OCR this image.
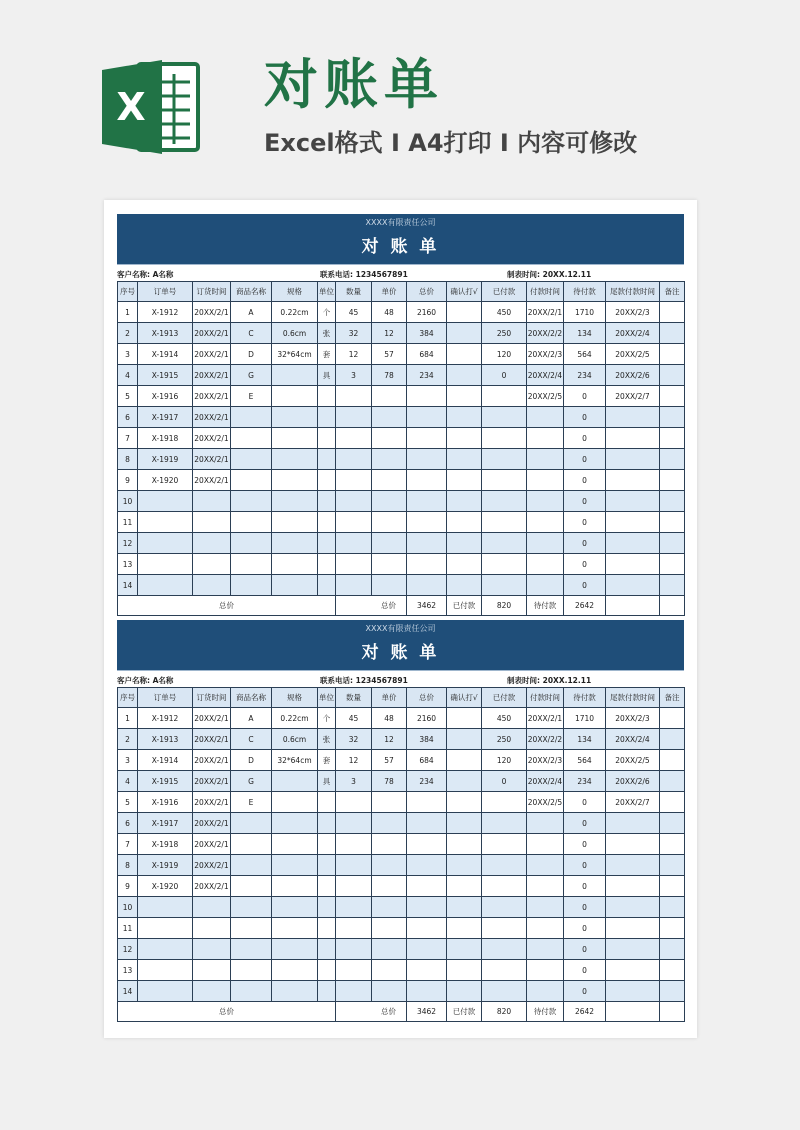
X 对账单
Excel格式 I A4打印 I 内容可修改
XXXX有限责任公司
对 账 单
客户名称: A名称	联系电话: 1234567891	制表时间: 20XX.12.11
序号	订单号	订货时间	商品名称	规格	单位	数量	单价	总价	确认打√	已付款	付款时间	待付款	尾款付款时间	备注
1	X-1912	20XX/2/1	A	0.22cm	个	45	48	2160		450	20XX/2/1	1710	20XX/2/3	
2	X-1913	20XX/2/1	C	0.6cm	张	32	12	384		250	20XX/2/2	134	20XX/2/4	
3	X-1914	20XX/2/1	D	32*64cm	套	12	57	684		120	20XX/2/3	564	20XX/2/5	
4	X-1915	20XX/2/1	G		具	3	78	234		0	20XX/2/4	234	20XX/2/6	
5	X-1916	20XX/2/1	E								20XX/2/5	0	20XX/2/7	
6	X-1917	20XX/2/1										0		
7	X-1918	20XX/2/1										0		
8	X-1919	20XX/2/1										0		
9	X-1920	20XX/2/1										0		
10												0		
11												0		
12												0		
13												0		
14												0		
总价						总价		3462	已付款	820	待付款	2642		
XXXX有限责任公司
对 账 单
客户名称: A名称	联系电话: 1234567891	制表时间: 20XX.12.11
序号	订单号	订货时间	商品名称	规格	单位	数量	单价	总价	确认打√	已付款	付款时间	待付款	尾款付款时间	备注
1	X-1912	20XX/2/1	A	0.22cm	个	45	48	2160		450	20XX/2/1	1710	20XX/2/3	
2	X-1913	20XX/2/1	C	0.6cm	张	32	12	384		250	20XX/2/2	134	20XX/2/4	
3	X-1914	20XX/2/1	D	32*64cm	套	12	57	684		120	20XX/2/3	564	20XX/2/5	
4	X-1915	20XX/2/1	G		具	3	78	234		0	20XX/2/4	234	20XX/2/6	
5	X-1916	20XX/2/1	E								20XX/2/5	0	20XX/2/7	
6	X-1917	20XX/2/1										0		
7	X-1918	20XX/2/1										0		
8	X-1919	20XX/2/1										0		
9	X-1920	20XX/2/1										0		
10												0		
11												0		
12												0		
13												0		
14												0		
总价						总价		3462	已付款	820	待付款	2642		
